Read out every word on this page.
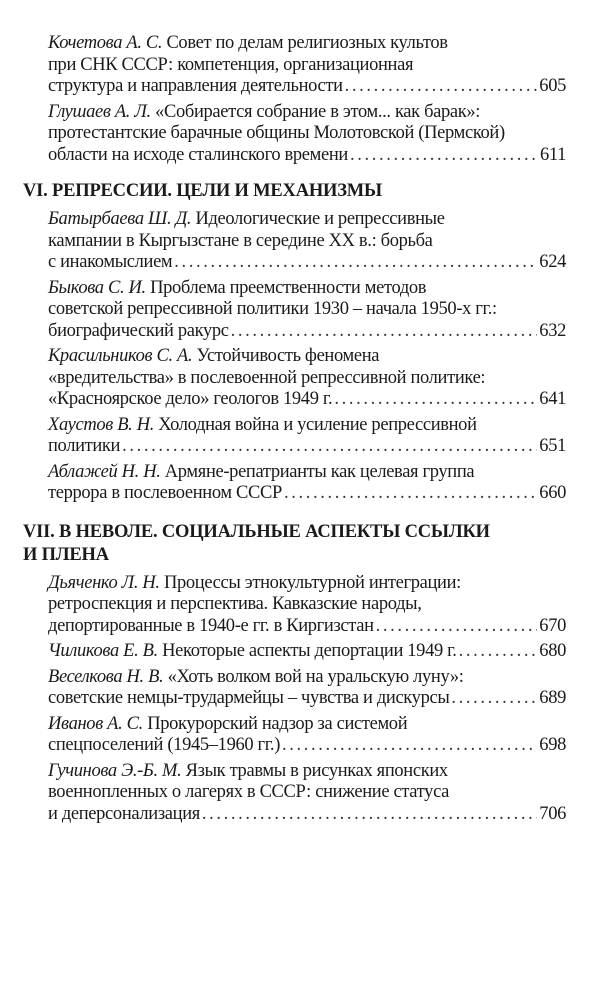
Кочетова А. С. Совет по делам религиозных культов
при СНК СССР: компетенция, организационная
структура и направления деятельности . . .	605
Глушаев А. Л. «Собирается собрание в этом... как барак»:
протестантские барачные общины Молотовской (Пермской)
области на исходе сталинского времени . . .	611
VI. РЕПРЕССИИ. ЦЕЛИ И МЕХАНИЗМЫ
Батырбаева Ш. Д. Идеологические и репрессивные
кампании в Кыргызстане в середине XX в.: борьба
с инакомыслием . . .	624
Быкова С. И. Проблема преемственности методов
советской репрессивной политики 1930 – начала 1950-х гг.:
биографический ракурс . . .	632
Красильников С. А. Устойчивость феномена
«вредительства» в послевоенной репрессивной политике:
«Красноярское дело» геологов 1949 г. . . .	641
Хаустов В. Н. Холодная война и усиление репрессивной
политики . . .	651
Аблажей Н. Н. Армяне-репатрианты как целевая группа
террора в послевоенном СССР . . .	660
VII. В НЕВОЛЕ. СОЦИАЛЬНЫЕ АСПЕКТЫ ССЫЛКИ
И ПЛЕНА
Дьяченко Л. Н. Процессы этнокультурной интеграции:
ретроспекция и перспектива. Кавказские народы,
депортированные в 1940-е гг. в Киргизстан . . .	670
Чиликова Е. В. Некоторые аспекты депортации 1949 г. . . .	680
Веселкова Н. В. «Хоть волком вой на уральскую луну»:
советские немцы-трудармейцы – чувства и дискурсы . . .	689
Иванов А. С. Прокурорский надзор за системой
спецпоселений (1945–1960 гг.) . . .	698
Гучинова Э.-Б. М. Язык травмы в рисунках японских
военнопленных о лагерях в СССР: снижение статуса
и деперсонализация . . .	706
